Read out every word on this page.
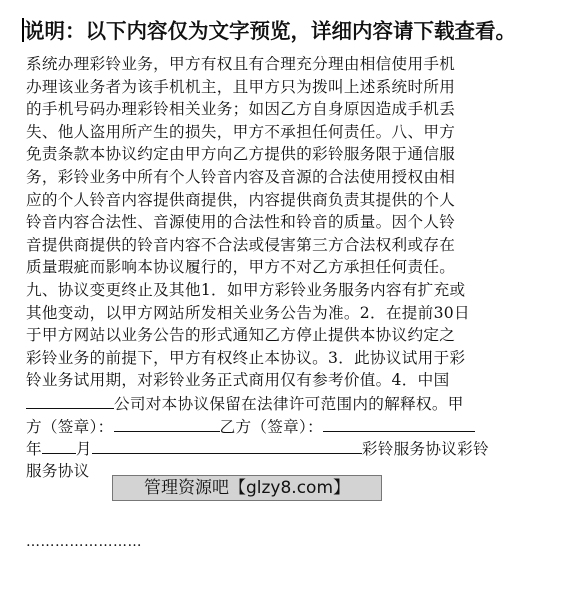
说明：以下内容仅为文字预览，详细内容请下载查看。
系统办理彩铃业务，甲方有权且有合理充分理由相信使用手机
办理该业务者为该手机机主，且甲方只为拨叫上述系统时所用
的手机号码办理彩铃相关业务；如因乙方自身原因造成手机丢
失、他人盗用所产生的损失，甲方不承担任何责任。八、甲方
免责条款本协议约定由甲方向乙方提供的彩铃服务限于通信服
务，彩铃业务中所有个人铃音内容及音源的合法使用授权由相
应的个人铃音内容提供商提供，内容提供商负责其提供的个人
铃音内容合法性、音源使用的合法性和铃音的质量。因个人铃
音提供商提供的铃音内容不合法或侵害第三方合法权利或存在
质量瑕疵而影响本协议履行的，甲方不对乙方承担任何责任。
九、协议变更终止及其他1．如甲方彩铃业务服务内容有扩充或
其他变动，以甲方网站所发相关业务公告为准。2．在提前30日
于甲方网站以业务公告的形式通知乙方停止提供本协议约定之
彩铃业务的前提下，甲方有权终止本协议。3．此协议试用于彩
铃业务试用期，对彩铃业务正式商用仅有参考价值。4．中国
公司对本协议保留在法律许可范围内的解释权。甲
方（签章）：	乙方（签章）：
年 月	彩铃服务协议彩铃
服务协议
……………………
管理资源吧【glzy8.com】
